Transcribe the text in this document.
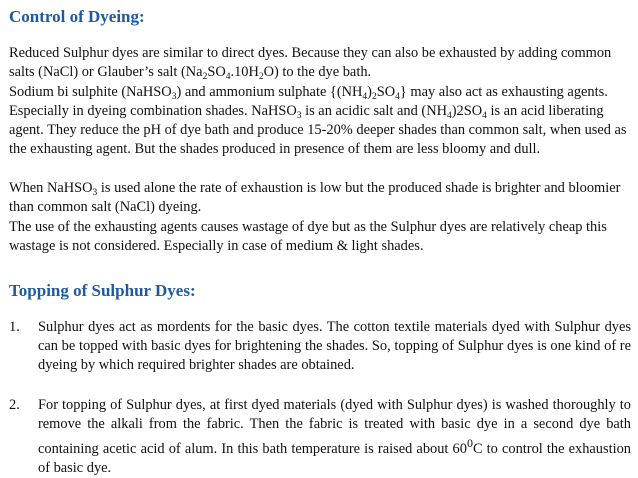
Control of Dyeing:

Reduced Sulphur dyes are similar to direct dyes. Because they can also be exhausted by adding common salts (NaCl) or Glauber’s salt $(Na_2SO_4.10H_2O)$ to the dye bath.

Sodium bi sulphite (NaHSO$_3$) and ammonium sulphate $\{(NH_4)_2SO_4\}$ may also act as exhausting agents. Especially in dyeing combination shades. NaHSO$_3$ is an acidic salt and $(NH_4)2SO_4$ is an acid liberating agent. They reduce the pH of dye bath and produce 15-20% deeper shades than common salt, when used as the exhausting agent. But the shades produced in presence of them are less bloomy and dull.

When NaHSO$_3$ is used alone the rate of exhaustion is low but the produced shade is brighter and bloomier than common salt (NaCl) dyeing.

The use of the exhausting agents causes wastage of dye but as the Sulphur dyes are relatively cheap this wastage is not considered. Especially in case of medium & light shades.

Topping of Sulphur Dyes:
1. Sulphur dyes act as mordents for the basic dyes. The cotton textile materials dyed with Sulphur dyes can be topped with basic dyes for brightening the shades. So, topping of Sulphur dyes is one kind of re dyeing by which required brighter shades are obtained.
2. For topping of Sulphur dyes, at first dyed materials (dyed with Sulphur dyes) is washed thoroughly to remove the alkali from the fabric. Then the fabric is treated with basic dye in a second dye bath containing acetic acid of alum. In this bath temperature is raised about $60^0C$ to control the exhaustion of basic dye.
